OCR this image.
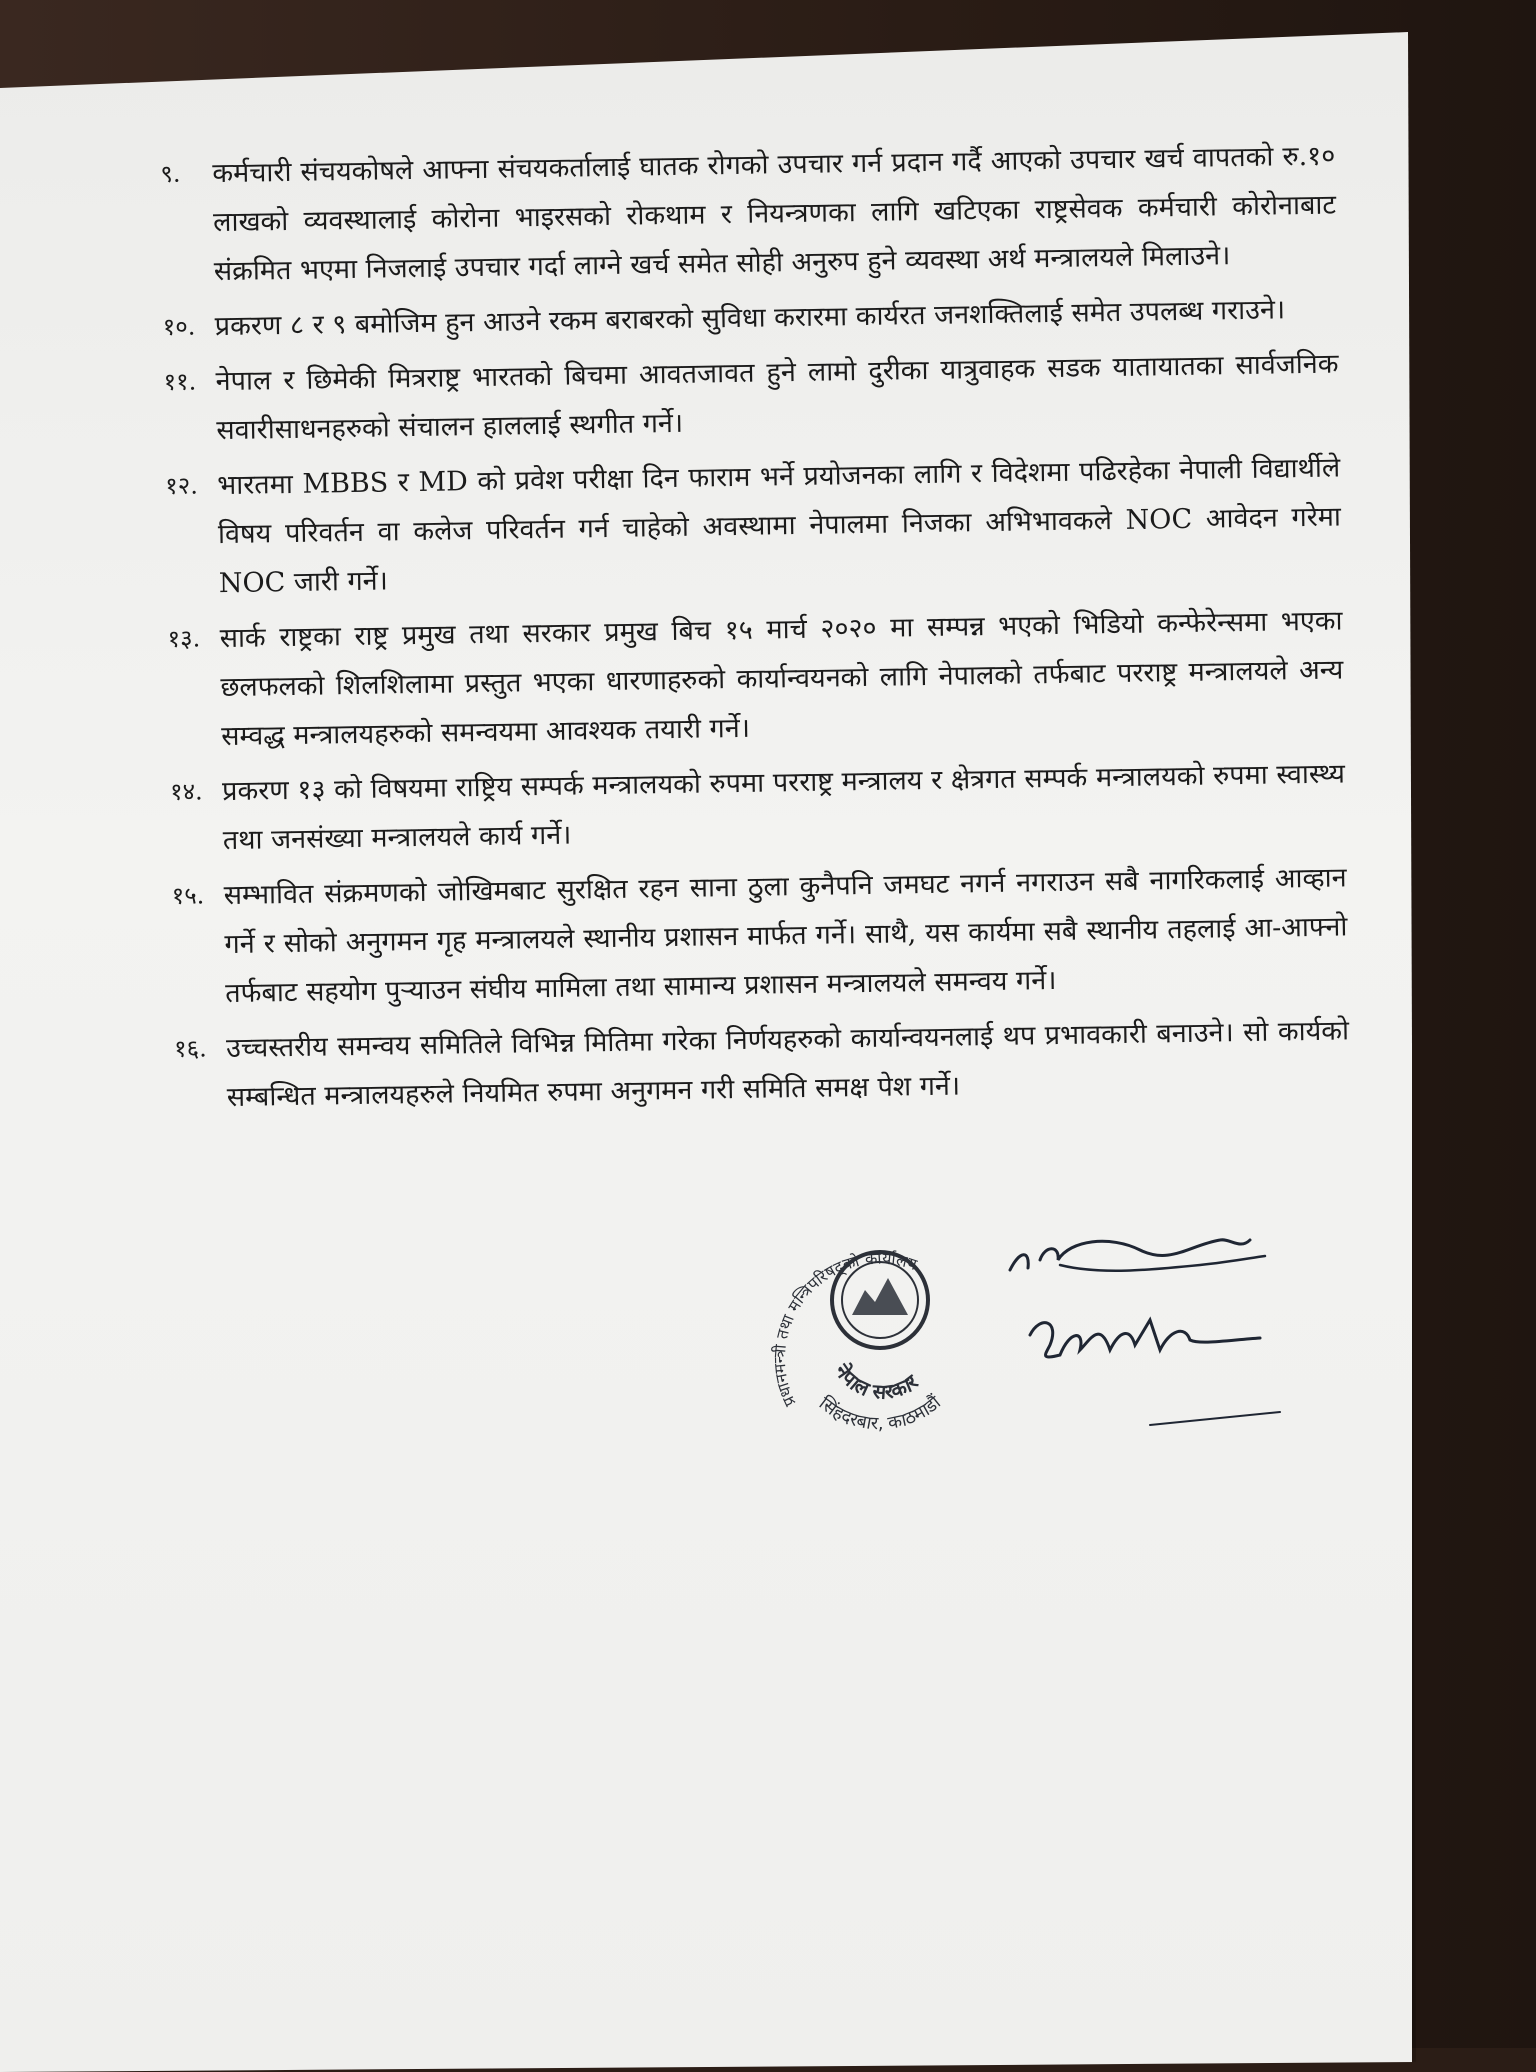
९.	कर्मचारी संचयकोषले आफ्ना संचयकर्तालाई घातक रोगको उपचार गर्न प्रदान गर्दै आएको उपचार खर्च वापतको रु.१० लाखको व्यवस्थालाई कोरोना भाइरसको रोकथाम र नियन्त्रणका लागि खटिएका राष्ट्रसेवक कर्मचारी कोरोनाबाट संक्रमित भएमा निजलाई उपचार गर्दा लाग्ने खर्च समेत सोही अनुरुप हुने व्यवस्था अर्थ मन्त्रालयले मिलाउने।
१०. प्रकरण ८ र ९ बमोजिम हुन आउने रकम बराबरको सुविधा करारमा कार्यरत जनशक्तिलाई समेत उपलब्ध गराउने।
११. नेपाल र छिमेकी मित्रराष्ट्र भारतको बिचमा आवतजावत हुने लामो दुरीका यात्रुवाहक सडक यातायातका सार्वजनिक सवारीसाधनहरुको संचालन हाललाई स्थगीत गर्ने।
१२. भारतमा MBBS र MD को प्रवेश परीक्षा दिन फाराम भर्ने प्रयोजनका लागि र विदेशमा पढिरहेका नेपाली विद्यार्थीले विषय परिवर्तन वा कलेज परिवर्तन गर्न चाहेको अवस्थामा नेपालमा निजका अभिभावकले NOC आवेदन गरेमा NOC जारी गर्ने।
१३. सार्क राष्ट्रका राष्ट्र प्रमुख तथा सरकार प्रमुख बिच १५ मार्च २०२० मा सम्पन्न भएको भिडियो कन्फेरेन्समा भएका छलफलको शिलशिलामा प्रस्तुत भएका धारणाहरुको कार्यान्वयनको लागि नेपालको तर्फबाट परराष्ट्र मन्त्रालयले अन्य सम्वद्ध मन्त्रालयहरुको समन्वयमा आवश्यक तयारी गर्ने।
१४. प्रकरण १३ को विषयमा राष्ट्रिय सम्पर्क मन्त्रालयको रुपमा परराष्ट्र मन्त्रालय र क्षेत्रगत सम्पर्क मन्त्रालयको रुपमा स्वास्थ्य तथा जनसंख्या मन्त्रालयले कार्य गर्ने।
१५. सम्भावित संक्रमणको जोखिमबाट सुरक्षित रहन साना ठुला कुनैपनि जमघट नगर्न नगराउन सबै नागरिकलाई आव्हान गर्ने र सोको अनुगमन गृह मन्त्रालयले स्थानीय प्रशासन मार्फत गर्ने। साथै, यस कार्यमा सबै स्थानीय तहलाई आ-आफ्नो तर्फबाट सहयोग पुऱ्याउन संघीय मामिला तथा सामान्य प्रशासन मन्त्रालयले समन्वय गर्ने।
१६. उच्चस्तरीय समन्वय समितिले विभिन्न मितिमा गरेका निर्णयहरुको कार्यान्वयनलाई थप प्रभावकारी बनाउने। सो कार्यको सम्बन्धित मन्त्रालयहरुले नियमित रुपमा अनुगमन गरी समिति समक्ष पेश गर्ने।
प्रधानमन्त्री तथा मन्त्रिपरिषद्को कार्यालय
नेपाल सरकार
सिंहदरबार, काठमाडौं
२०७६।१२।३
